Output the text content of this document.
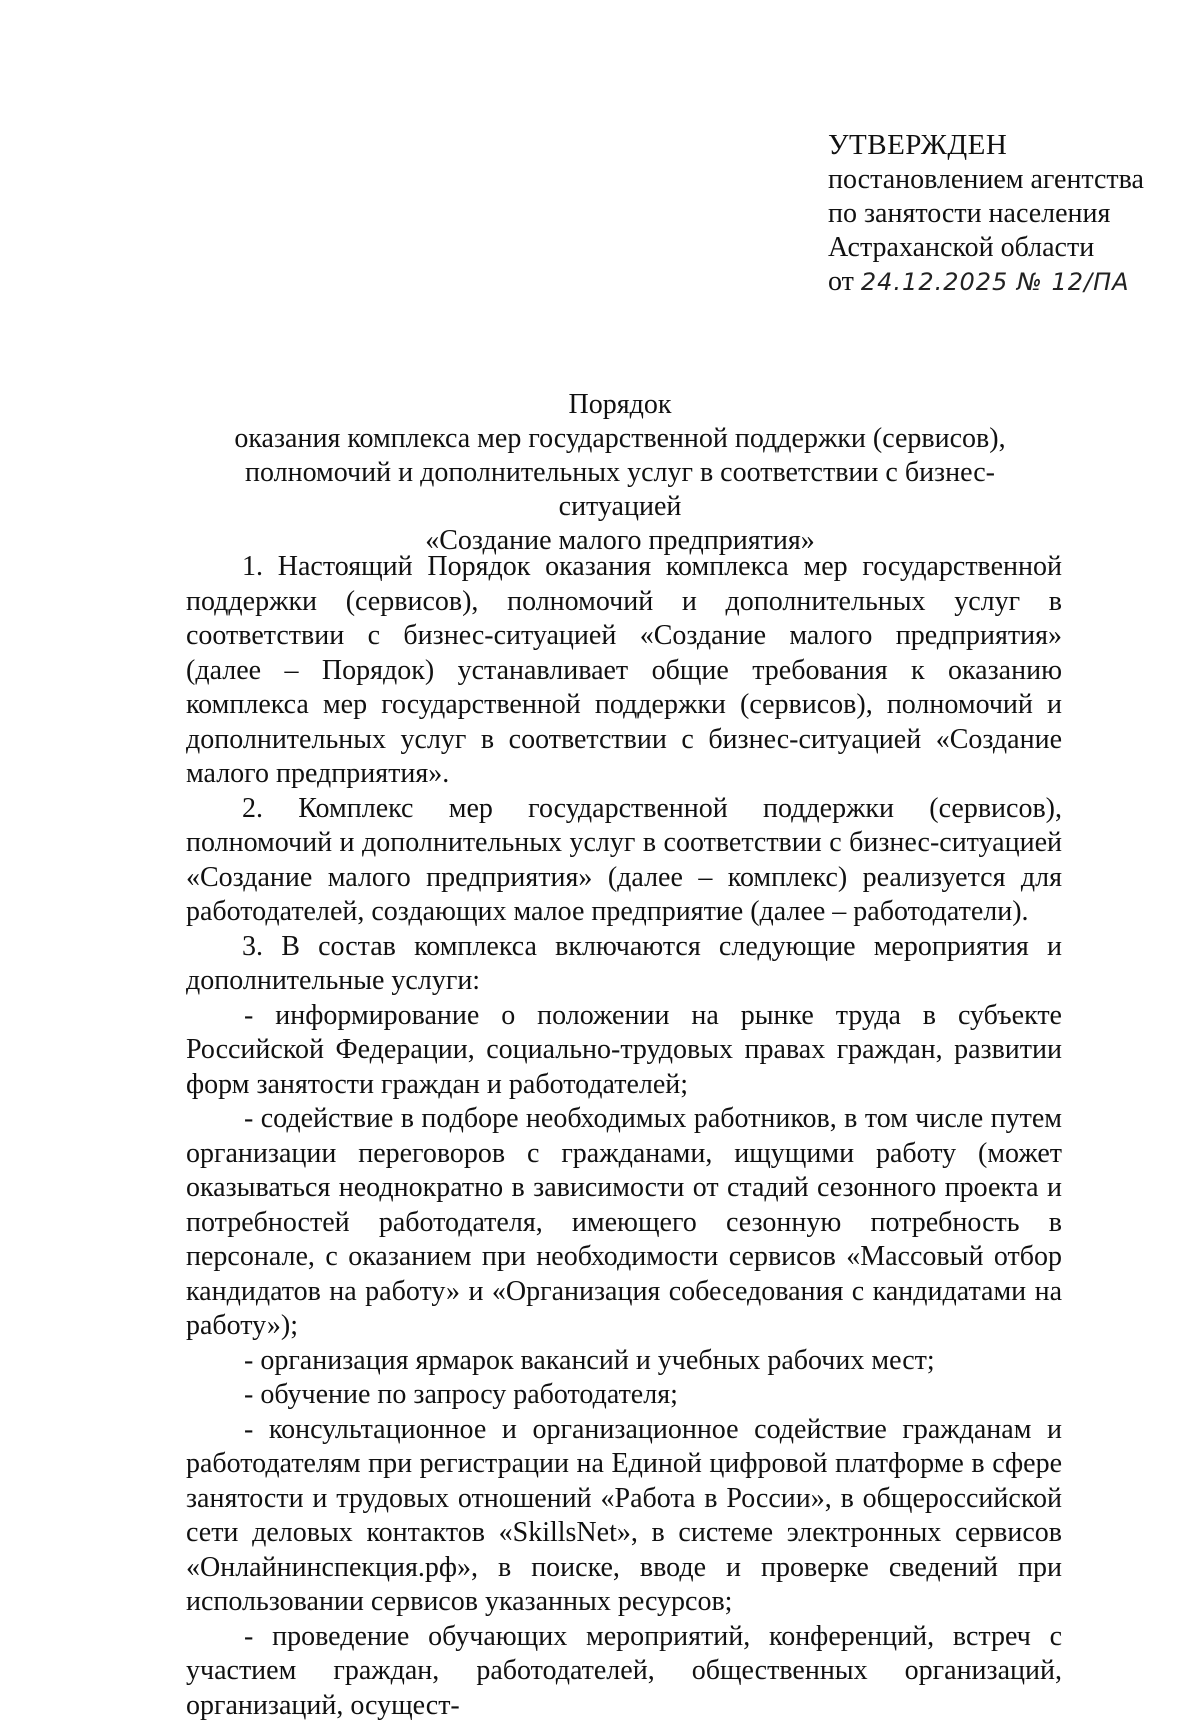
УТВЕРЖДЕН
постановлением агентства
по занятости населения
Астраханской области
от 24.12.2025 № 12/ПА
Порядок
оказания комплекса мер государственной поддержки (сервисов),
полномочий и дополнительных услуг в соответствии с бизнес-ситуацией
«Создание малого предприятия»

1. Настоящий Порядок оказания комплекса мер государственной поддержки (сервисов), полномочий и дополнительных услуг в соответствии с бизнес-ситуацией «Создание малого предприятия» (далее – Порядок) устанавливает общие требования к оказанию комплекса мер государственной поддержки (сервисов), полномочий и дополнительных услуг в соответствии с бизнес-ситуацией «Создание малого предприятия».

2. Комплекс мер государственной поддержки (сервисов), полномочий и дополнительных услуг в соответствии с бизнес-ситуацией «Создание малого предприятия» (далее – комплекс) реализуется для работодателей, создающих малое предприятие (далее – работодатели).

3. В состав комплекса включаются следующие мероприятия и дополнительные услуги:

- информирование о положении на рынке труда в субъекте Российской Федерации, социально-трудовых правах граждан, развитии форм занятости граждан и работодателей;

- содействие в подборе необходимых работников, в том числе путем организации переговоров с гражданами, ищущими работу (может оказываться неоднократно в зависимости от стадий сезонного проекта и потребностей работодателя, имеющего сезонную потребность в персонале, с оказанием при необходимости сервисов «Массовый отбор кандидатов на работу» и «Организация собеседования с кандидатами на работу»);

- организация ярмарок вакансий и учебных рабочих мест;

- обучение по запросу работодателя;

- консультационное и организационное содействие гражданам и работодателям при регистрации на Единой цифровой платформе в сфере занятости и трудовых отношений «Работа в России», в общероссийской сети деловых контактов «SkillsNet», в системе электронных сервисов «Онлайнинспекция.рф», в поиске, вводе и проверке сведений при использовании сервисов указанных ресурсов;

- проведение обучающих мероприятий, конференций, встреч с участием граждан, работодателей, общественных организаций, организаций, осущест-
